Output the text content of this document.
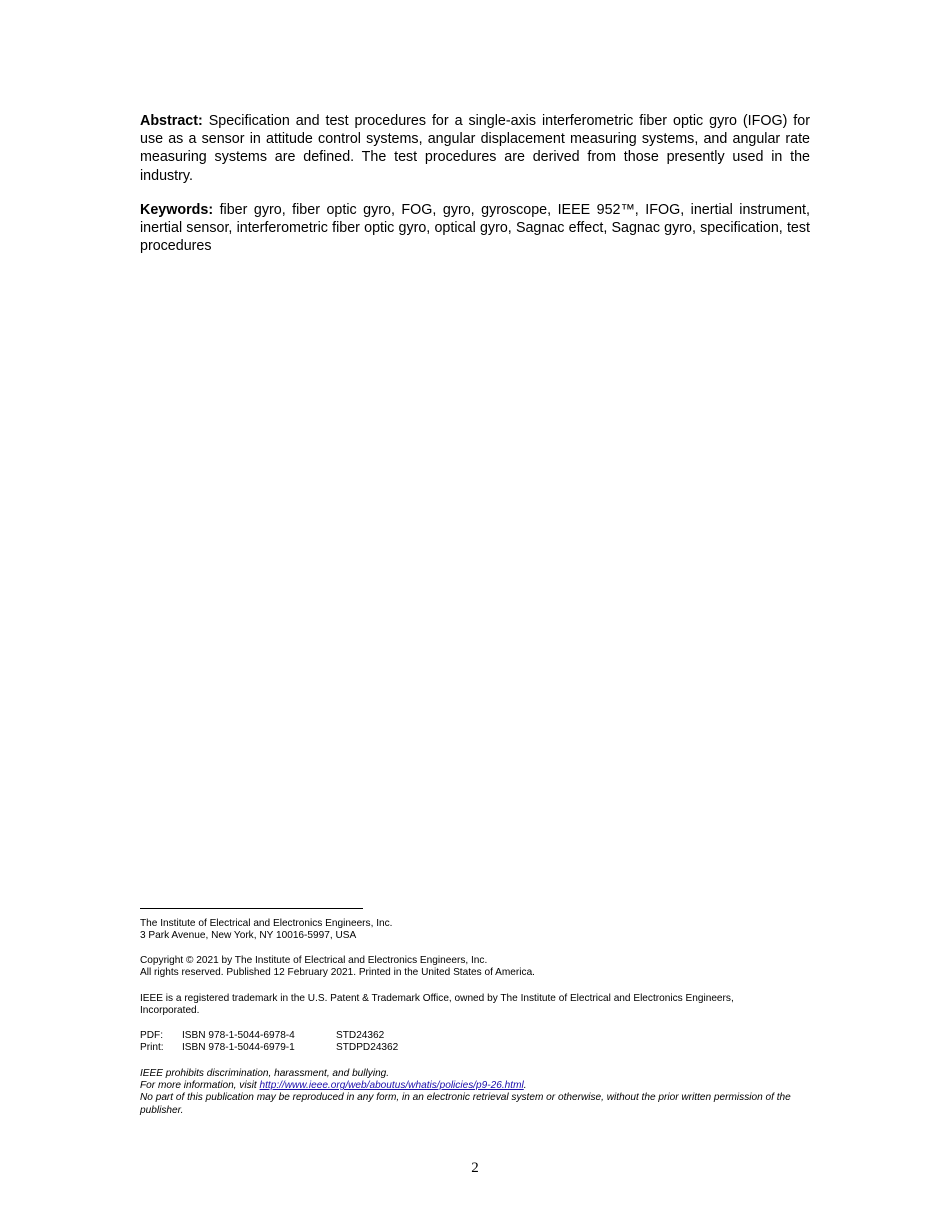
Abstract: Specification and test procedures for a single-axis interferometric fiber optic gyro (IFOG) for use as a sensor in attitude control systems, angular displacement measuring systems, and angular rate measuring systems are defined. The test procedures are derived from those presently used in the industry.

Keywords: fiber gyro, fiber optic gyro, FOG, gyro, gyroscope, IEEE 952™, IFOG, inertial instrument, inertial sensor, interferometric fiber optic gyro, optical gyro, Sagnac effect, Sagnac gyro, specification, test procedures

The Institute of Electrical and Electronics Engineers, Inc.
3 Park Avenue, New York, NY 10016-5997, USA
Copyright © 2021 by The Institute of Electrical and Electronics Engineers, Inc.
All rights reserved. Published 12 February 2021. Printed in the United States of America.
IEEE is a registered trademark in the U.S. Patent & Trademark Office, owned by The Institute of Electrical and Electronics Engineers, Incorporated.
PDF: ISBN 978-1-5044-6978-4	STD24362
Print: ISBN 978-1-5044-6979-1	STDPD24362
IEEE prohibits discrimination, harassment, and bullying.
For more information, visit http://www.ieee.org/web/aboutus/whatis/policies/p9-26.html.
No part of this publication may be reproduced in any form, in an electronic retrieval system or otherwise, without the prior written permission of the publisher.
2
